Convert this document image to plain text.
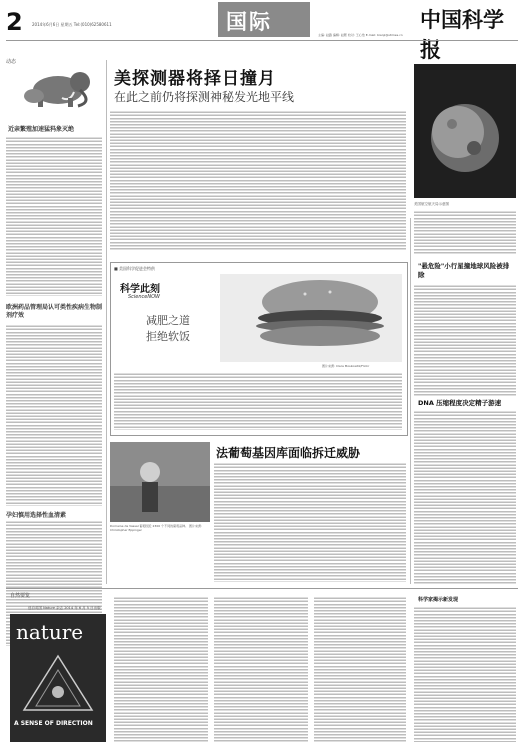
2 2014年6月6日 星期五 Tel:(010)62580611	国际	中国科学报
主编: 赵路 编辑: 赵熙 校对: 王心怡 E-mail: bianji@stimes.cn
动态
近亲繁殖加速猛犸象灭绝
欧洲药品管理局认可类性疾病生物制剂疗效
孕妇慎用选择性血清素
美探测器将择日撞月
在此之前仍将探测神秘发光地平线
美国航空航天局示意图
"悬危险"小行星撞地球风险被排除
DNA 压缩程度决定精子游速
■ 美国科学促进会特供
科学此刻
ScienceNOW
减肥之道
拒绝软饭
图片来源: Clara Moskowitz/Flickr
法葡萄基因库面临拆迁威胁
Domaine de Vassal 葡萄园近 2300 个不同的葡萄品种。 图片来源: Christopher Eppinger
自然要览
选自英国 Nature 杂志 2014 年 6 月 5 日出版
nature
A SENSE OF DIRECTION
科学家揭示新发现
